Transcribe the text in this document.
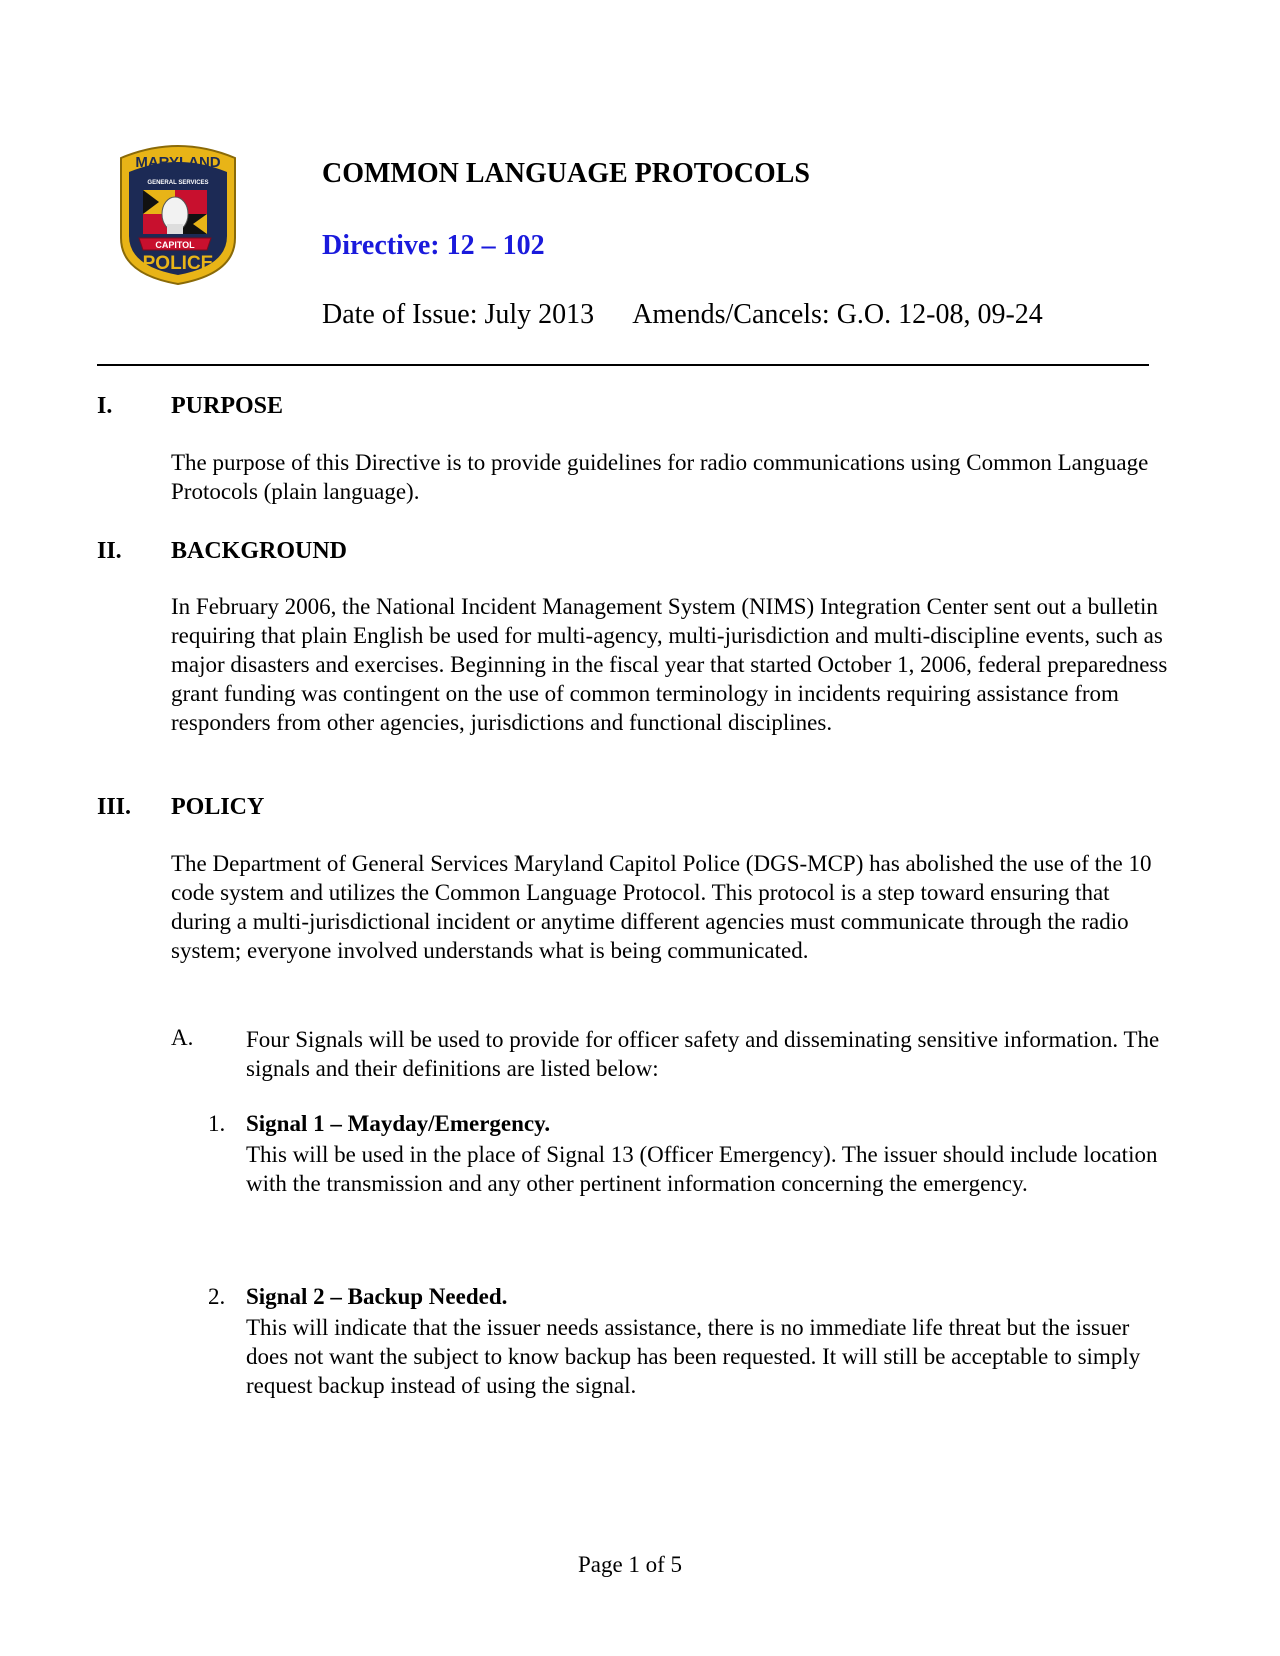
MARYLAND
GENERAL SERVICES
CAPITOL
POLICE
COMMON LANGUAGE PROTOCOLS
Directive: 12 – 102
Date of Issue: July 2013 Amends/Cancels: G.O. 12-08, 09-24
I. PURPOSE
The purpose of this Directive is to provide guidelines for radio communications using Common Language Protocols (plain language).
II. BACKGROUND
In February 2006, the National Incident Management System (NIMS) Integration Center sent out a bulletin requiring that plain English be used for multi-agency, multi-jurisdiction and multi-discipline events, such as major disasters and exercises. Beginning in the fiscal year that started October 1, 2006, federal preparedness grant funding was contingent on the use of common terminology in incidents requiring assistance from responders from other agencies, jurisdictions and functional disciplines.
III. POLICY
The Department of General Services Maryland Capitol Police (DGS-MCP) has abolished the use of the 10 code system and utilizes the Common Language Protocol. This protocol is a step toward ensuring that during a multi-jurisdictional incident or anytime different agencies must communicate through the radio system; everyone involved understands what is being communicated.
A. Four Signals will be used to provide for officer safety and disseminating sensitive information. The signals and their definitions are listed below:
1. Signal 1 – Mayday/Emergency.
This will be used in the place of Signal 13 (Officer Emergency). The issuer should include location with the transmission and any other pertinent information concerning the emergency.
2. Signal 2 – Backup Needed.
This will indicate that the issuer needs assistance, there is no immediate life threat but the issuer does not want the subject to know backup has been requested. It will still be acceptable to simply request backup instead of using the signal.
Page 1 of 5
